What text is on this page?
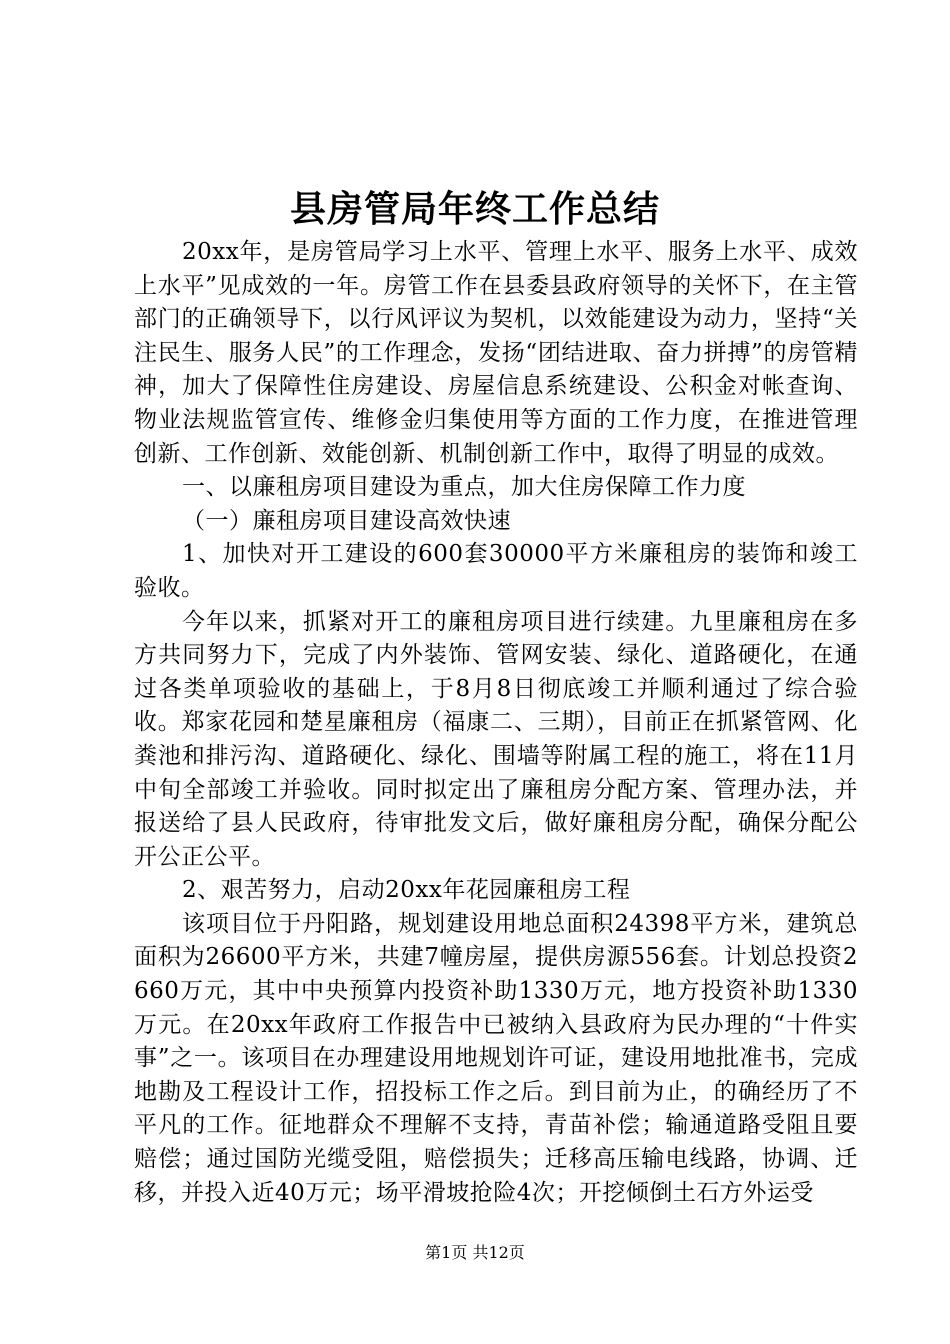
县房管局年终工作总结

20xx年，是房管局学习上水平、管理上水平、服务上水平、成效上水平”见成效的一年。房管工作在县委县政府领导的关怀下，在主管部门的正确领导下，以行风评议为契机，以效能建设为动力，坚持“关注民生、服务人民”的工作理念，发扬“团结进取、奋力拼搏”的房管精神，加大了保障性住房建设、房屋信息系统建设、公积金对帐查询、物业法规监管宣传、维修金归集使用等方面的工作力度，在推进管理创新、工作创新、效能创新、机制创新工作中，取得了明显的成效。

一、以廉租房项目建设为重点，加大住房保障工作力度

（一）廉租房项目建设高效快速

1、加快对开工建设的600套30000平方米廉租房的装饰和竣工验收。

今年以来，抓紧对开工的廉租房项目进行续建。九里廉租房在多方共同努力下，完成了内外装饰、管网安装、绿化、道路硬化，在通过各类单项验收的基础上，于8月8日彻底竣工并顺利通过了综合验收。郑家花园和楚星廉租房（福康二、三期），目前正在抓紧管网、化粪池和排污沟、道路硬化、绿化、围墙等附属工程的施工，将在11月中旬全部竣工并验收。同时拟定出了廉租房分配方案、管理办法，并报送给了县人民政府，待审批发文后，做好廉租房分配，确保分配公开公正公平。

2、艰苦努力，启动20xx年花园廉租房工程

该项目位于丹阳路，规划建设用地总面积24398平方米，建筑总面积为26600平方米，共建7幢房屋，提供房源556套。计划总投资2660万元，其中中央预算内投资补助1330万元，地方投资补助1330万元。在20xx年政府工作报告中已被纳入县政府为民办理的“十件实事”之一。该项目在办理建设用地规划许可证，建设用地批准书，完成地勘及工程设计工作，招投标工作之后。到目前为止，的确经历了不平凡的工作。征地群众不理解不支持，青苗补偿；输通道路受阻且要赔偿；通过国防光缆受阻，赔偿损失；迁移高压输电线路，协调、迁移，并投入近40万元；场平滑坡抢险4次；开挖倾倒土石方外运受

第1页 共12页
